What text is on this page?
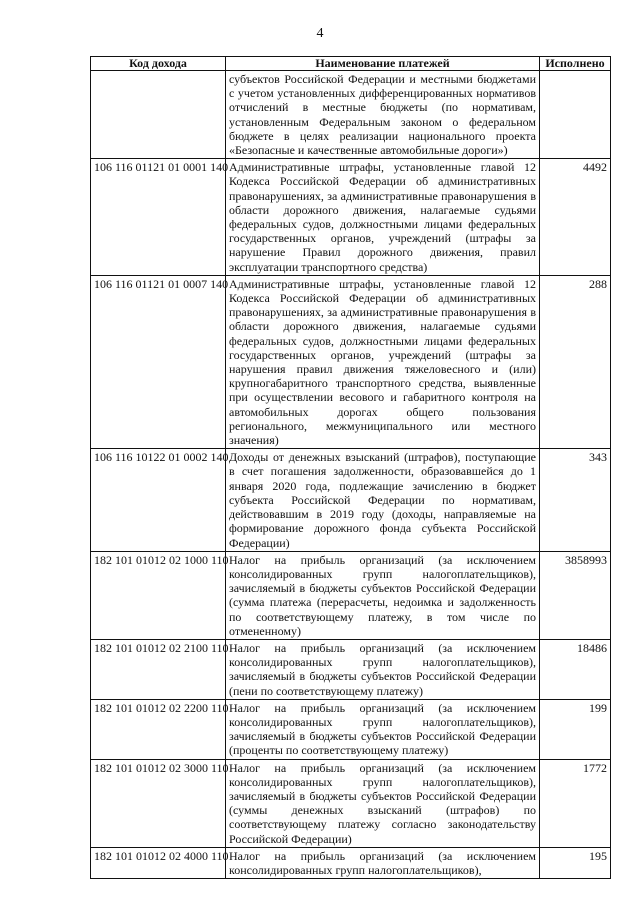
4
Код дохода	Наименование платежей	Исполнено
	субъектов Российской Федерации и местными бюджетами с учетом установленных дифференцированных нормативов отчислений в местные бюджеты (по нормативам, установленным Федеральным законом о федеральном бюджете в целях реализации национального проекта «Безопасные и качественные автомобильные дороги»)	
106 116 01121 01 0001 140	Административные штрафы, установленные главой 12 Кодекса Российской Федерации об административных правонарушениях, за административные правонарушения в области дорожного движения, налагаемые судьями федеральных судов, должностными лицами федеральных государственных органов, учреждений (штрафы за нарушение Правил дорожного движения, правил эксплуатации транспортного средства)	4492
106 116 01121 01 0007 140	Административные штрафы, установленные главой 12 Кодекса Российской Федерации об административных правонарушениях, за административные правонарушения в области дорожного движения, налагаемые судьями федеральных судов, должностными лицами федеральных государственных органов, учреждений (штрафы за нарушения правил движения тяжеловесного и (или) крупногабаритного транспортного средства, выявленные при осуществлении весового и габаритного контроля на автомобильных дорогах общего пользования регионального, межмуниципального или местного значения)	288
106 116 10122 01 0002 140	Доходы от денежных взысканий (штрафов), поступающие в счет погашения задолженности, образовавшейся до 1 января 2020 года, подлежащие зачислению в бюджет субъекта Российской Федерации по нормативам, действовавшим в 2019 году (доходы, направляемые на формирование дорожного фонда субъекта Российской Федерации)	343
182 101 01012 02 1000 110	Налог на прибыль организаций (за исключением консолидированных групп налогоплательщиков), зачисляемый в бюджеты субъектов Российской Федерации (сумма платежа (перерасчеты, недоимка и задолженность по соответствующему платежу, в том числе по отмененному)	3858993
182 101 01012 02 2100 110	Налог на прибыль организаций (за исключением консолидированных групп налогоплательщиков), зачисляемый в бюджеты субъектов Российской Федерации (пени по соответствующему платежу)	18486
182 101 01012 02 2200 110	Налог на прибыль организаций (за исключением консолидированных групп налогоплательщиков), зачисляемый в бюджеты субъектов Российской Федерации (проценты по соответствующему платежу)	199
182 101 01012 02 3000 110	Налог на прибыль организаций (за исключением консолидированных групп налогоплательщиков), зачисляемый в бюджеты субъектов Российской Федерации (суммы денежных взысканий (штрафов) по соответствующему платежу согласно законодательству Российской Федерации)	1772
182 101 01012 02 4000 110	Налог на прибыль организаций (за исключением консолидированных групп налогоплательщиков),	195
